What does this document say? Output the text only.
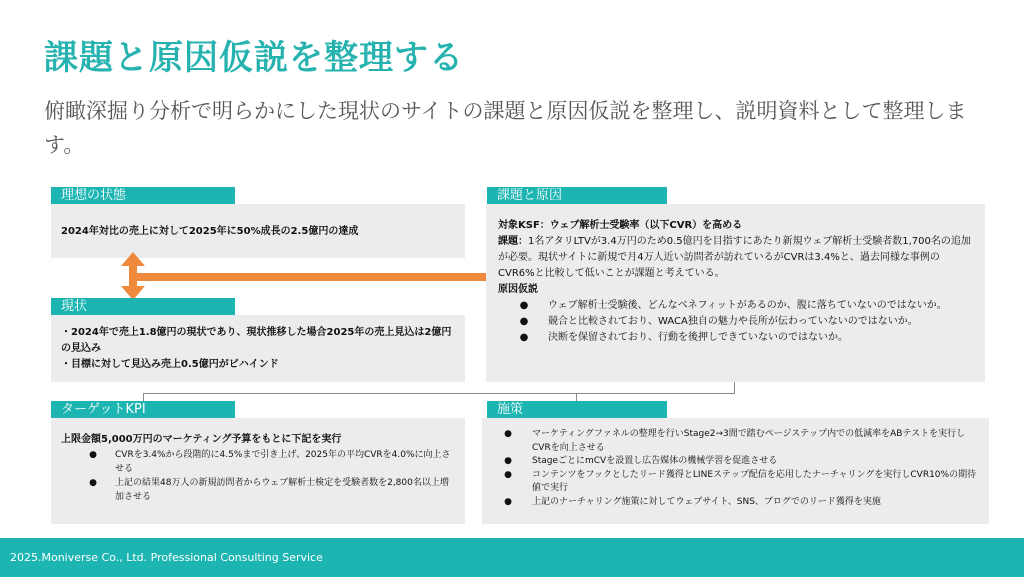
課題と原因仮説を整理する
俯瞰深掘り分析で明らかにした現状のサイトの課題と原因仮説を整理し、説明資料として整理します。
理想の状態
2024年対比の売上に対して2025年に50%成長の2.5億円の達成
現状
・2024年で売上1.8億円の現状であり、現状推移した場合2025年の売上見込は2億円の見込み
・目標に対して見込み売上0.5億円がビハインド
課題と原因
対象KSF：ウェブ解析士受験率（以下CVR）を高める
課題：1名アタリLTVが3.4万円のため0.5億円を目指すにあたり新規ウェブ解析士受験者数1,700名の追加が必要。現状サイトに新規で月4万人近い訪問者が訪れているがCVRは3.4%と、過去同様な事例のCVR6%と比較して低いことが課題と考えている。
原因仮説
●	ウェブ解析士受験後、どんなベネフィットがあるのか、腹に落ちていないのではないか。
●	競合と比較されており、WACA独自の魅力や長所が伝わっていないのではないか。
●	決断を保留されており、行動を後押しできていないのではないか。
ターゲットKPI
上限金額5,000万円のマーケティング予算をもとに下記を実行
●	CVRを3.4%から段階的に4.5%まで引き上げ、2025年の平均CVRを4.0%に向上させる
●	上記の結果48万人の新規訪問者からウェブ解析士検定を受験者数を2,800名以上増加させる
施策
●	マーケティングファネルの整理を行いStage2→3間で踏むページステップ内での低減率をABテストを実行しCVRを向上させる
●	StageごとにmCVを設置し広告媒体の機械学習を促進させる
●	コンテンツをフックとしたリード獲得とLINEステップ配信を応用したナーチャリングを実行しCVR10%の期待値で実行
●	上記のナーチャリング施策に対してウェブサイト、SNS、ブログでのリード獲得を実施
2025.Moniverse Co., Ltd. Professional Consulting Service
